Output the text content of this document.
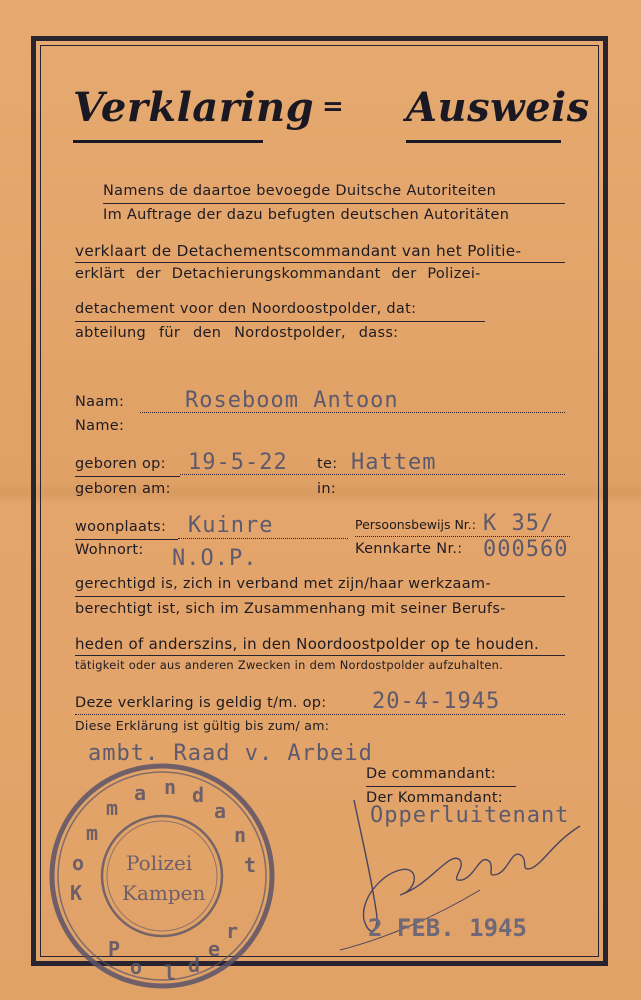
Verklaring = Ausweis
Namens de daartoe bevoegde Duitsche Autoriteiten
Im Auftrage der dazu befugten deutschen Autoritäten
verklaart de Detachementscommandant van het Politie-
erklärt der Detachierungskommandant der Polizei-
detachement voor den Noordoostpolder, dat:
abteilung für den Nordostpolder, dass:
Naam:	Roseboom Antoon
Name:
geboren op: 19-5-22 te: Hattem
geboren am:	in:
woonplaats: Kuinre
Wohnort: N.O.P.
Persoonsbewijs Nr.: K 35/
Kennkarte Nr.: 000560
gerechtigd is, zich in verband met zijn/haar werkzaam-
berechtigt ist, sich im Zusammenhang mit seiner Berufs-
heden of anderszins, in den Noordoostpolder op te houden.
tätigkeit oder aus anderen Zwecken in dem Nordostpolder aufzuhalten.
Deze verklaring is geldig t/m. op: 20-4-1945
Diese Erklärung ist gültig bis zum/ am:
ambt. Raad v. Arbeid
De commandant:
Der Kommandant:
Opperluitenant
2 FEB. 1945
K
o
m
m
a n d
a
n
t
P
o l d
e
r
Polizei
Kampen
